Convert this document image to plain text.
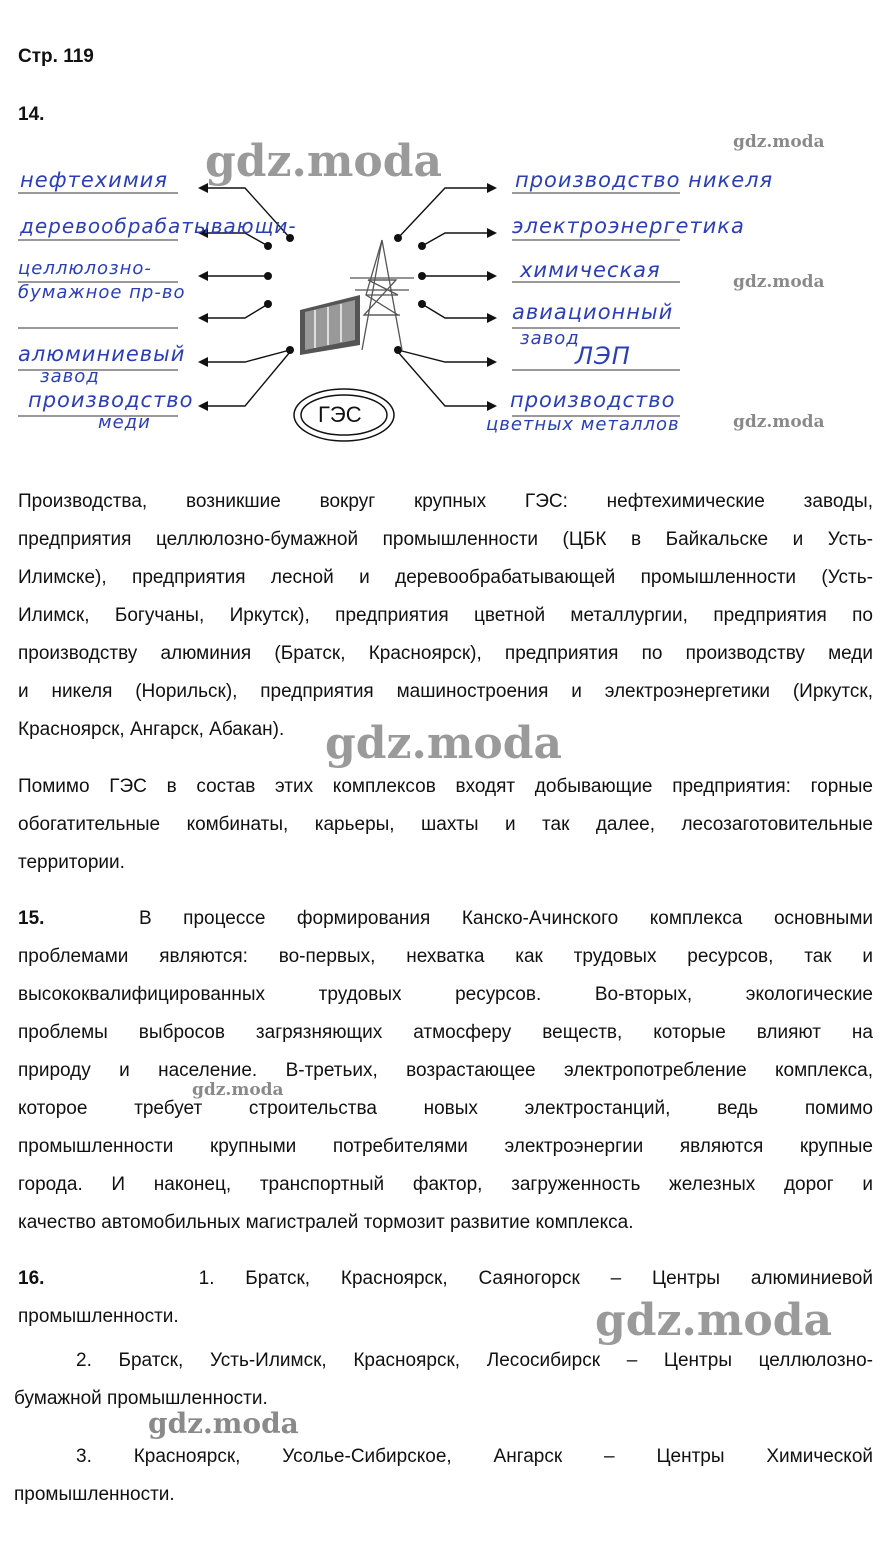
Стр. 119
14.
ГЭС
нефтехимия
деревообрабатывающи-
целлюлозно-
бумажное пр-во
алюминиевый
завод
производство
меди
производство никеля
электроэнергетика
химическая
авиационный
завод
ЛЭП
производство
цветных металлов
gdz.moda	gdz.moda
gdz.moda
gdz.moda
Производства, возникшие вокруг крупных ГЭС: нефтехимические заводы,
предприятия целлюлозно-бумажной промышленности (ЦБК в Байкальске и Усть-
Илимске), предприятия лесной и деревообрабатывающей промышленности (Усть-
Илимск, Богучаны, Иркутск), предприятия цветной металлургии, предприятия по
производству алюминия (Братск, Красноярск), предприятия по производству меди
и никеля (Норильск), предприятия машиностроения и электроэнергетики (Иркутск,
Красноярск, Ангарск, Абакан). gdz.moda
Помимо ГЭС в состав этих комплексов входят добывающие предприятия: горные
обогатительные комбинаты, карьеры, шахты и так далее, лесозаготовительные
территории.
15.	В процессе формирования Канско-Ачинского комплекса основными
проблемами являются: во-первых, нехватка как трудовых ресурсов, так и
высококвалифицированных трудовых ресурсов. Во-вторых, экологические
проблемы выбросов загрязняющих атмосферу веществ, которые влияют на
природу и население. В-третьих, возрастающее электропотребление комплекса,
которое требует строительства новых электростанций, ведь помимо
промышленности крупными потребителями электроэнергии являются крупные
города. И наконец, транспортный фактор, загруженность железных дорог и
качество автомобильных магистралей тормозит развитие комплекса.
gdz.moda
16.	1. Братск, Красноярск, Саяногорск – Центры алюминиевой
промышленности.	gdz.moda
2. Братск, Усть-Илимск, Красноярск, Лесосибирск – Центры целлюлозно-
бумажной промышленности.
gdz.moda
3. Красноярск, Усолье-Сибирское, Ангарск – Центры Химической
промышленности.
